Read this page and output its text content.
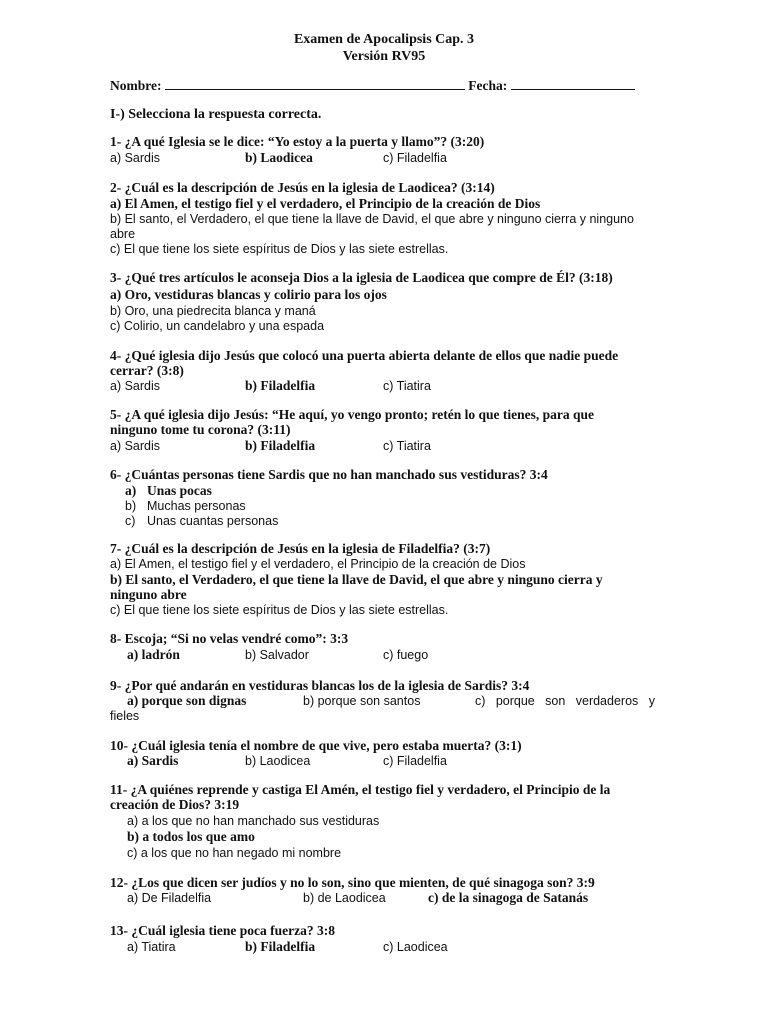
Examen de Apocalipsis Cap. 3
Versión RV95
Nombre:	Fecha:
I-) Selecciona la respuesta correcta.
1- ¿A qué Iglesia se le dice: “Yo estoy a la puerta y llamo”? (3:20)
a) Sardis	b) Laodicea	c) Filadelfia
2- ¿Cuál es la descripción de Jesús en la iglesia de Laodicea? (3:14)
a) El Amen, el testigo fiel y el verdadero, el Principio de la creación de Dios
b) El santo, el Verdadero, el que tiene la llave de David, el que abre y ninguno cierra y ninguno
abre
c) El que tiene los siete espíritus de Dios y las siete estrellas.
3- ¿Qué tres artículos le aconseja Dios a la iglesia de Laodicea que compre de Él? (3:18)
a) Oro, vestiduras blancas y colirio para los ojos
b) Oro, una piedrecita blanca y maná
c) Colirio, un candelabro y una espada
4- ¿Qué iglesia dijo Jesús que colocó una puerta abierta delante de ellos que nadie puede
cerrar? (3:8)
a) Sardis	b) Filadelfia	c) Tiatira
5- ¿A qué iglesia dijo Jesús: “He aquí, yo vengo pronto; retén lo que tienes, para que
ninguno tome tu corona? (3:11)
a) Sardis	b) Filadelfia	c) Tiatira
6- ¿Cuántas personas tiene Sardis que no han manchado sus vestiduras? 3:4
a) Unas pocas
b) Muchas personas
c) Unas cuantas personas
7- ¿Cuál es la descripción de Jesús en la iglesia de Filadelfia? (3:7)
a) El Amen, el testigo fiel y el verdadero, el Principio de la creación de Dios
b) El santo, el Verdadero, el que tiene la llave de David, el que abre y ninguno cierra y
ninguno abre
c) El que tiene los siete espíritus de Dios y las siete estrellas.
8- Escoja; “Si no velas vendré como”: 3:3
a) ladrón	b) Salvador	c) fuego
9- ¿Por qué andarán en vestiduras blancas los de la iglesia de Sardis? 3:4
a) porque son dignas	b) porque son santos	c)   porque   son   verdaderos   y
fieles
10- ¿Cuál iglesia tenía el nombre de que vive, pero estaba muerta? (3:1)
a) Sardis	b) Laodicea	c) Filadelfia
11- ¿A quiénes reprende y castiga El Amén, el testigo fiel y verdadero, el Principio de la
creación de Dios? 3:19
a) a los que no han manchado sus vestiduras
b) a todos los que amo
c) a los que no han negado mi nombre
12- ¿Los que dicen ser judíos y no lo son, sino que mienten, de qué sinagoga son? 3:9
a) De Filadelfia	b) de Laodicea	c) de la sinagoga de Satanás
13- ¿Cuál iglesia tiene poca fuerza? 3:8
a) Tiatira	b) Filadelfia	c) Laodicea
